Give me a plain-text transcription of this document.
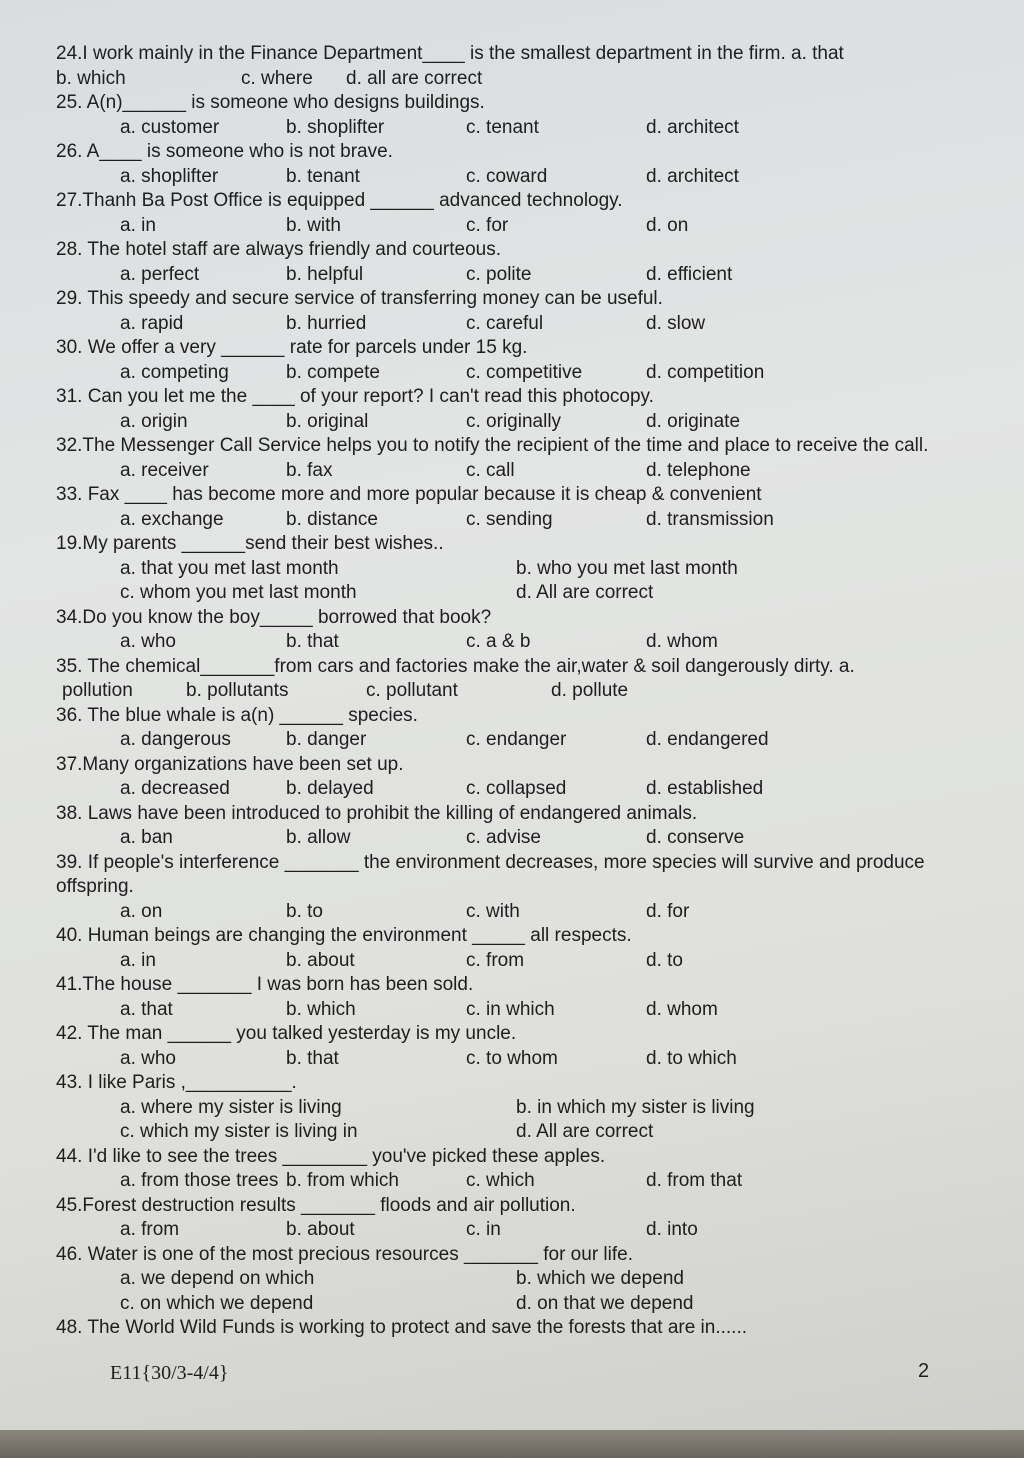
24.I work mainly in the Finance Department____ is the smallest department in the firm. a. that
b. which	c. where d. all are correct
25. A(n)______ is someone who designs buildings.
a. customer	b. shoplifter	c. tenant	d. architect
26. A____ is someone who is not brave.
a. shoplifter	b. tenant	c. coward	d. architect
27.Thanh Ba Post Office is equipped ______ advanced technology.
a. in	b. with	c. for	d. on
28. The hotel staff are always friendly and courteous.
a. perfect	b. helpful	c. polite	d. efficient
29. This speedy and secure service of transferring money can be useful.
a. rapid	b. hurried	c. careful	d. slow
30. We offer a very ______ rate for parcels under 15 kg.
a. competing	b. compete	c. competitive	d. competition
31. Can you let me the ____ of your report? I can't read this photocopy.
a. origin	b. original	c. originally	d. originate
32.The Messenger Call Service helps you to notify the recipient of the time and place to receive the call.
a. receiver	b. fax	c. call	d. telephone
33. Fax ____ has become more and more popular because it is cheap & convenient
a. exchange	b. distance	c. sending	d. transmission
19.My parents ______send their best wishes..
a. that you met last month	b. who you met last month
c. whom you met last month	d. All are correct
34.Do you know the boy_____ borrowed that book?
a. who	b. that	c. a & b	d. whom
35. The chemical_______from cars and factories make the air,water & soil dangerously dirty. a.
pollution	b. pollutants	c. pollutant	d. pollute
36. The blue whale is a(n) ______ species.
a. dangerous	b. danger	c. endanger	d. endangered
37.Many organizations have been set up.
a. decreased	b. delayed	c. collapsed	d. established
38. Laws have been introduced to prohibit the killing of endangered animals.
a. ban	b. allow	c. advise	d. conserve
39. If people's interference _______ the environment decreases, more species will survive and produce offspring.
a. on	b. to	c. with	d. for
40. Human beings are changing the environment _____ all respects.
a. in	b. about	c. from	d. to
41.The house _______ I was born has been sold.
a. that	b. which	c. in which	d. whom
42. The man ______ you talked yesterday is my uncle.
a. who	b. that	c. to whom	d. to which
43. I like Paris ,__________.
a. where my sister is living	b. in which my sister is living
c. which my sister is living in	d. All are correct
44. I'd like to see the trees ________ you've picked these apples.
a. from those trees b. from which	c. which	d. from that
45.Forest destruction results _______ floods and air pollution.
a. from	b. about	c. in	d. into
46. Water is one of the most precious resources _______ for our life.
a. we depend on which	b. which we depend
c. on which we depend	d. on that we depend
48. The World Wild Funds is working to protect and save the forests that are in......
E11{30/3-4/4}	2
